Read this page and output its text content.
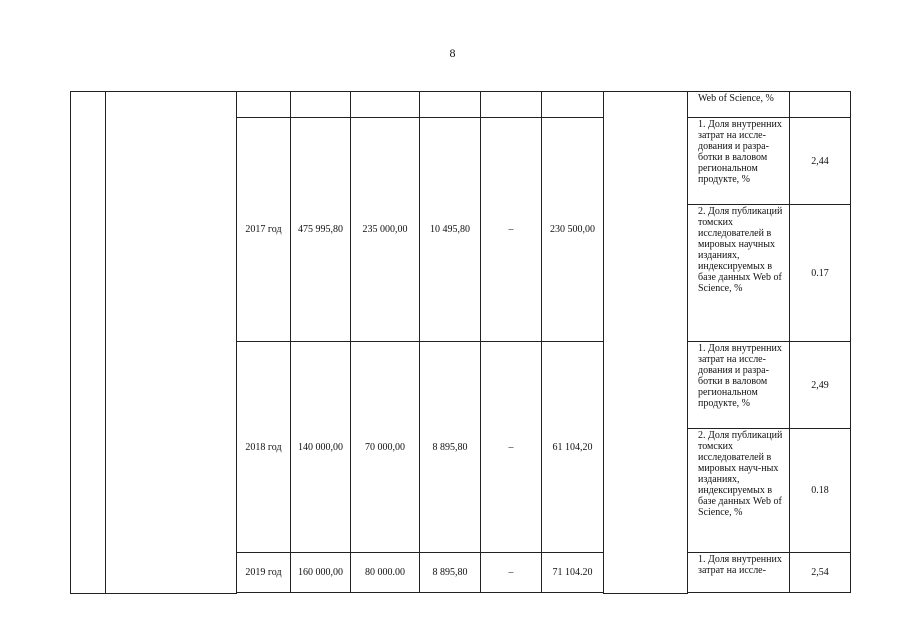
8
									Web of Science, %	
		2017 год	475 995,80	235 000,00	10 495,80	–	230 500,00		1. Доля внутренних затрат на иссле-дования и разра-ботки в валовом региональном продукте, %	2,44
									2. Доля публикаций томских исследователей в мировых научных изданиях, индексируемых в базе данных Web of Science, %	0.17
		2018 год	140 000,00	70 000,00	8 895,80	–	61 104,20		1. Доля внутренних затрат на иссле-дования и разра-ботки в валовом региональном продукте, %	2,49
									2. Доля публикаций томских исследователей в мировых науч-ных изданиях, индексируемых в базе данных Web of Science, %	0.18
		2019 год	160 000,00	80 000.00	8 895,80	–	71 104.20		1. Доля внутренних затрат на иссле-	2,54
